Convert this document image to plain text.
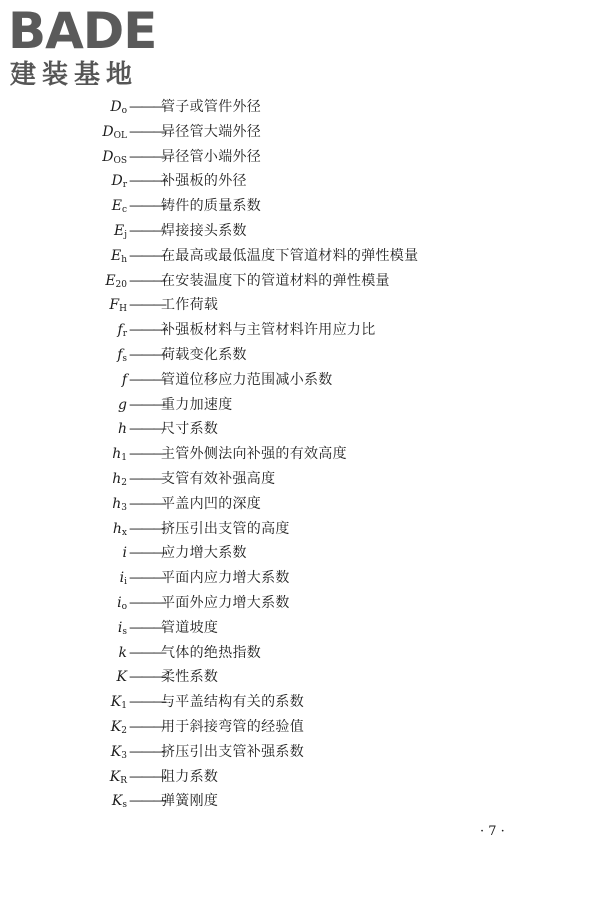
BADE
建装基地
$D_o$ ———
管子或管件外径
$D_{OL}$ ———
异径管大端外径
$D_{OS}$ ———
异径管小端外径
$D_r$ ———
补强板的外径
$E_c$ ———
铸件的质量系数
$E_j$ ———
焊接接头系数
$E_h$ ———
在最高或最低温度下管道材料的弹性模量
$E_{20}$ ———
在安装温度下的管道材料的弹性模量
$F_H$ ———
工作荷载
$f_r$ ———
补强板材料与主管材料许用应力比
$f_s$ ———
荷载变化系数
f ———
管道位移应力范围减小系数
g ———
重力加速度
h ———
尺寸系数
$h_1$ ———
主管外侧法向补强的有效高度
$h_2$ ———
支管有效补强高度
$h_3$ ———
平盖内凹的深度
$h_x$ ———
挤压引出支管的高度
i ———
应力增大系数
$i_i$ ———
平面内应力增大系数
$i_o$ ———
平面外应力增大系数
$i_s$ ———
管道坡度
k ———
气体的绝热指数
K ———
柔性系数
$K_1$ ———
与平盖结构有关的系数
$K_2$ ———
用于斜接弯管的经验值
$K_3$ ———
挤压引出支管补强系数
$K_R$ ———
阻力系数
$K_s$ ———
弹簧刚度
· 7 ·
